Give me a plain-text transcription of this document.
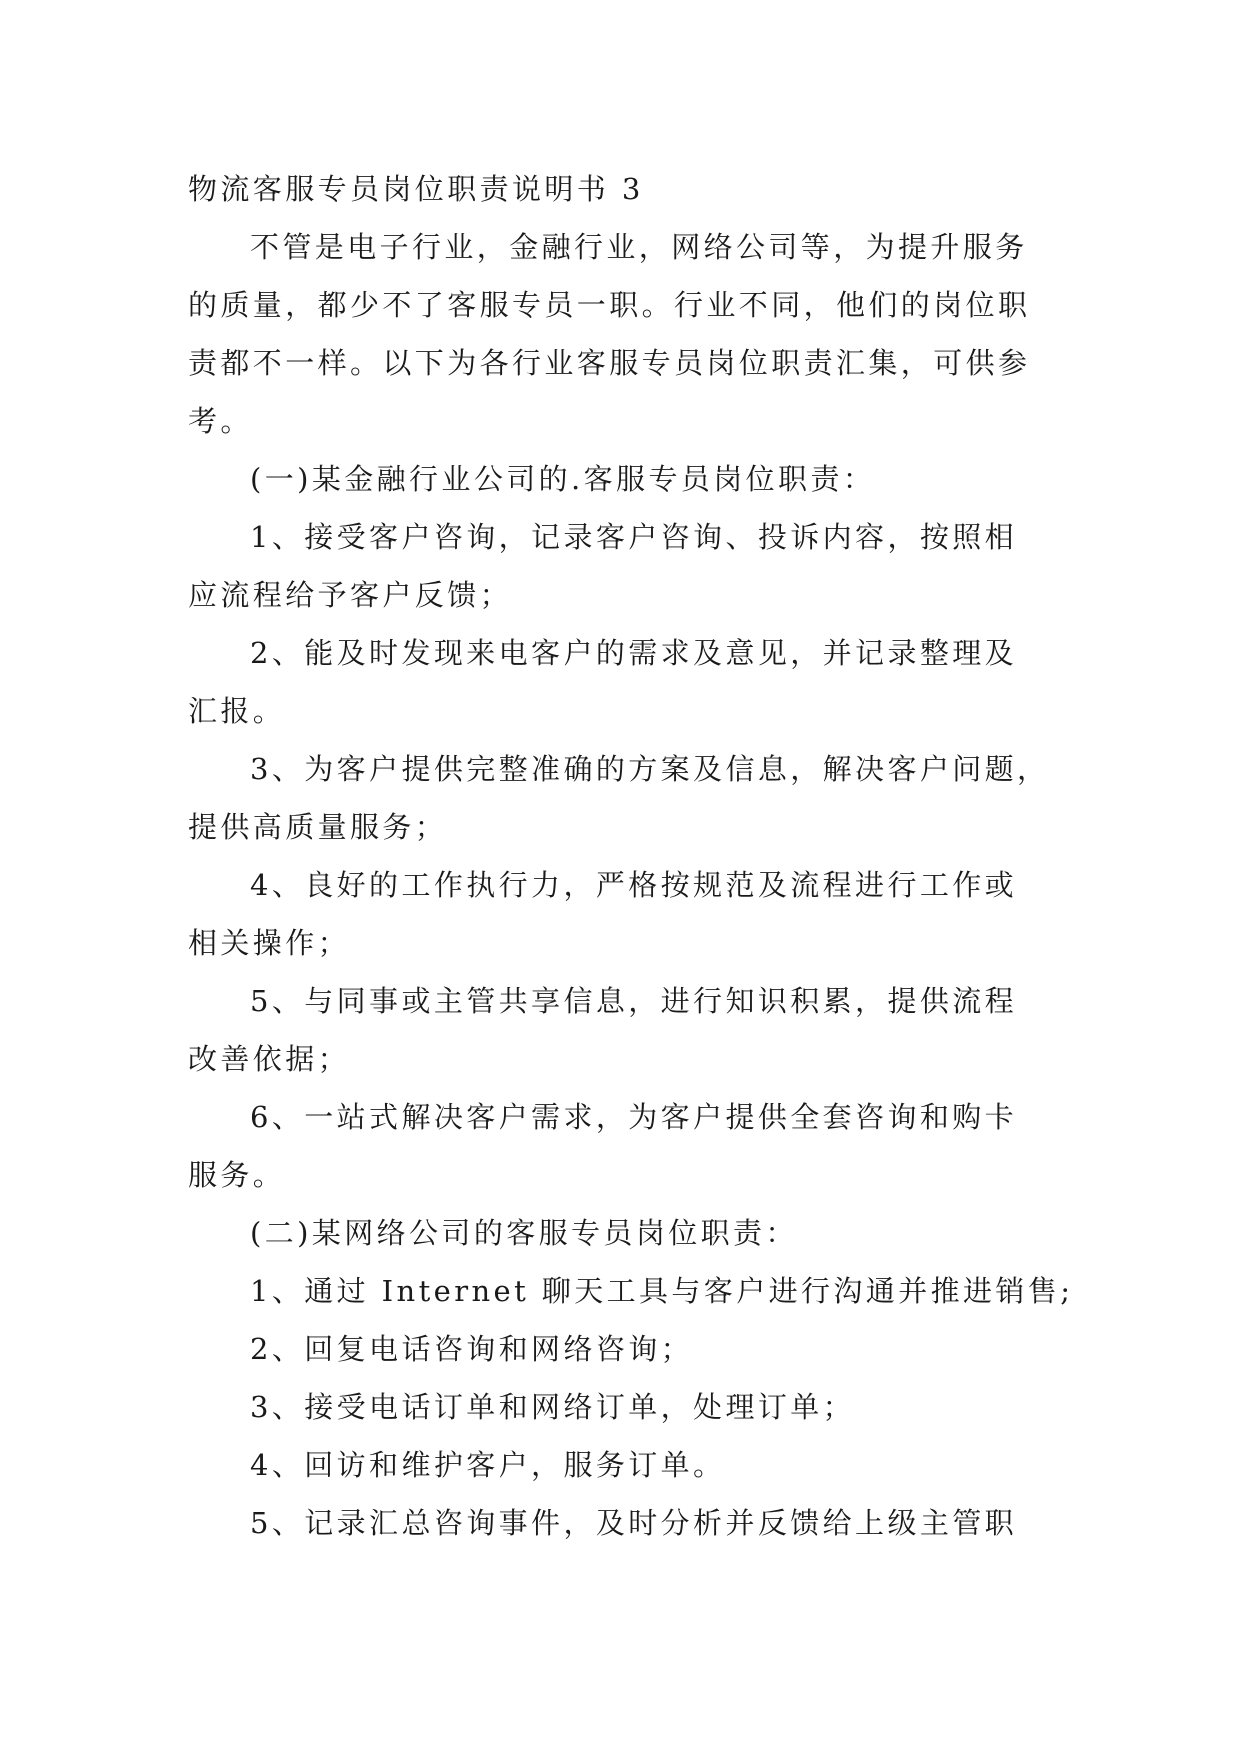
物流客服专员岗位职责说明书 3
不管是电子行业，金融行业，网络公司等，为提升服务
的质量，都少不了客服专员一职。行业不同，他们的岗位职
责都不一样。以下为各行业客服专员岗位职责汇集，可供参
考。
(一)某金融行业公司的.客服专员岗位职责：
1、接受客户咨询，记录客户咨询、投诉内容，按照相
应流程给予客户反馈；
2、能及时发现来电客户的需求及意见，并记录整理及
汇报。
3、为客户提供完整准确的方案及信息，解决客户问题，
提供高质量服务；
4、良好的工作执行力，严格按规范及流程进行工作或
相关操作；
5、与同事或主管共享信息，进行知识积累，提供流程
改善依据；
6、一站式解决客户需求，为客户提供全套咨询和购卡
服务。
(二)某网络公司的客服专员岗位职责：
1、通过 Internet 聊天工具与客户进行沟通并推进销售;
2、回复电话咨询和网络咨询；
3、接受电话订单和网络订单，处理订单；
4、回访和维护客户，服务订单。
5、记录汇总咨询事件，及时分析并反馈给上级主管职
